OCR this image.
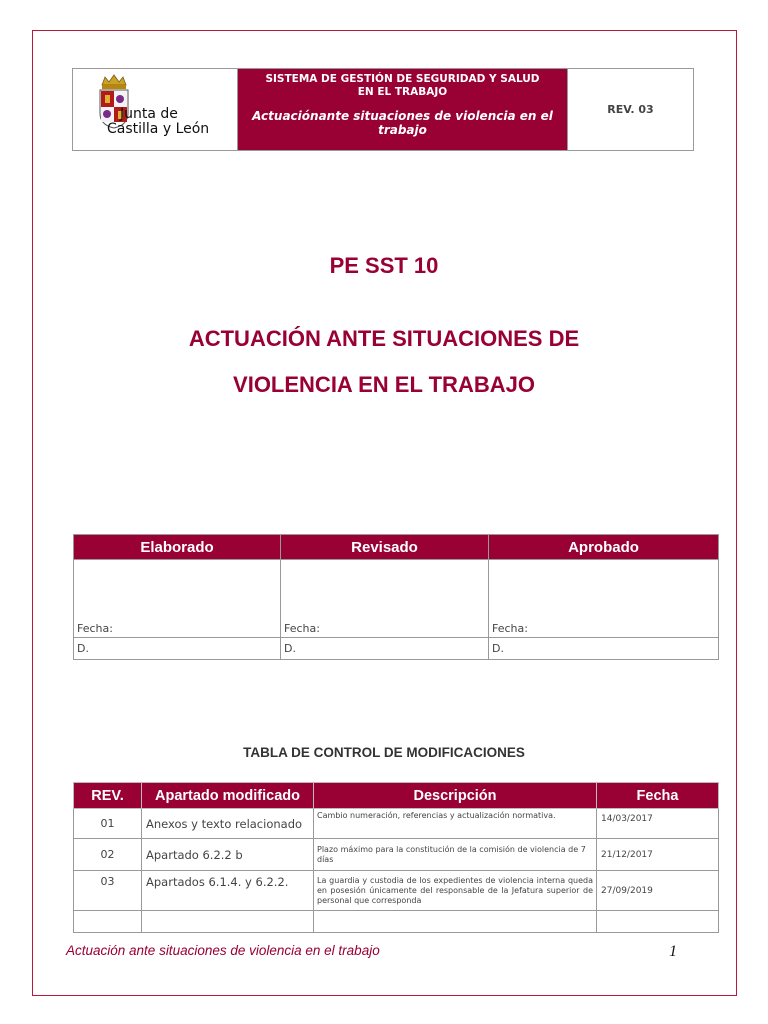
Junta de
Castilla y León
SISTEMA DE GESTIÓN DE SEGURIDAD Y SALUD
EN EL TRABAJO
Actuaciónante situaciones de violencia en el
trabajo
REV. 03
PE SST 10
ACTUACIÓN ANTE SITUACIONES DE
VIOLENCIA EN EL TRABAJO
Elaborado	Revisado	Aprobado
Fecha:	Fecha:	Fecha:
D.	D.	D.
TABLA DE CONTROL DE MODIFICACIONES
REV.	Apartado modificado	Descripción	Fecha
01	Anexos y texto relacionado	Cambio numeración, referencias y actualización normativa.	14/03/2017
02	Apartado 6.2.2 b	Plazo máximo para la constitución de la comisión de violencia de 7 días	21/12/2017
03	Apartados 6.1.4. y 6.2.2.	La guardia y custodia de los expedientes de violencia interna queda en posesión únicamente del responsable de la Jefatura superior de personal que corresponda	27/09/2019

Actuación ante situaciones de violencia en el trabajo	1
